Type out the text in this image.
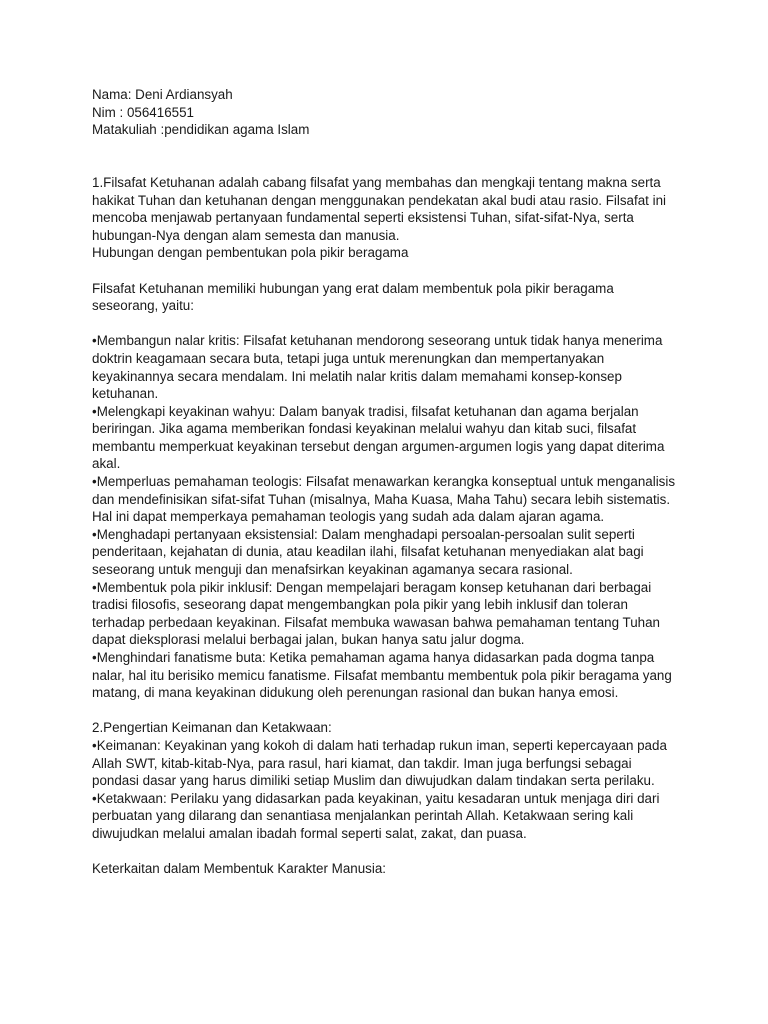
Nama: Deni Ardiansyah
Nim : 056416551
Matakuliah :pendidikan agama Islam
1.Filsafat Ketuhanan adalah cabang filsafat yang membahas dan mengkaji tentang makna serta hakikat Tuhan dan ketuhanan dengan menggunakan pendekatan akal budi atau rasio. Filsafat ini mencoba menjawab pertanyaan fundamental seperti eksistensi Tuhan, sifat-sifat-Nya, serta hubungan-Nya dengan alam semesta dan manusia.
Hubungan dengan pembentukan pola pikir beragama
Filsafat Ketuhanan memiliki hubungan yang erat dalam membentuk pola pikir beragama seseorang, yaitu:
•Membangun nalar kritis: Filsafat ketuhanan mendorong seseorang untuk tidak hanya menerima doktrin keagamaan secara buta, tetapi juga untuk merenungkan dan mempertanyakan keyakinannya secara mendalam. Ini melatih nalar kritis dalam memahami konsep-konsep ketuhanan.
•Melengkapi keyakinan wahyu: Dalam banyak tradisi, filsafat ketuhanan dan agama berjalan beriringan. Jika agama memberikan fondasi keyakinan melalui wahyu dan kitab suci, filsafat membantu memperkuat keyakinan tersebut dengan argumen-argumen logis yang dapat diterima akal.
•Memperluas pemahaman teologis: Filsafat menawarkan kerangka konseptual untuk menganalisis dan mendefinisikan sifat-sifat Tuhan (misalnya, Maha Kuasa, Maha Tahu) secara lebih sistematis. Hal ini dapat memperkaya pemahaman teologis yang sudah ada dalam ajaran agama.
•Menghadapi pertanyaan eksistensial: Dalam menghadapi persoalan-persoalan sulit seperti penderitaan, kejahatan di dunia, atau keadilan ilahi, filsafat ketuhanan menyediakan alat bagi seseorang untuk menguji dan menafsirkan keyakinan agamanya secara rasional.
•Membentuk pola pikir inklusif: Dengan mempelajari beragam konsep ketuhanan dari berbagai tradisi filosofis, seseorang dapat mengembangkan pola pikir yang lebih inklusif dan toleran terhadap perbedaan keyakinan. Filsafat membuka wawasan bahwa pemahaman tentang Tuhan dapat dieksplorasi melalui berbagai jalan, bukan hanya satu jalur dogma.
•Menghindari fanatisme buta: Ketika pemahaman agama hanya didasarkan pada dogma tanpa nalar, hal itu berisiko memicu fanatisme. Filsafat membantu membentuk pola pikir beragama yang matang, di mana keyakinan didukung oleh perenungan rasional dan bukan hanya emosi.
2.Pengertian Keimanan dan Ketakwaan:
•Keimanan: Keyakinan yang kokoh di dalam hati terhadap rukun iman, seperti kepercayaan pada Allah SWT, kitab-kitab-Nya, para rasul, hari kiamat, dan takdir. Iman juga berfungsi sebagai pondasi dasar yang harus dimiliki setiap Muslim dan diwujudkan dalam tindakan serta perilaku.
•Ketakwaan: Perilaku yang didasarkan pada keyakinan, yaitu kesadaran untuk menjaga diri dari perbuatan yang dilarang dan senantiasa menjalankan perintah Allah. Ketakwaan sering kali diwujudkan melalui amalan ibadah formal seperti salat, zakat, dan puasa.
Keterkaitan dalam Membentuk Karakter Manusia:
